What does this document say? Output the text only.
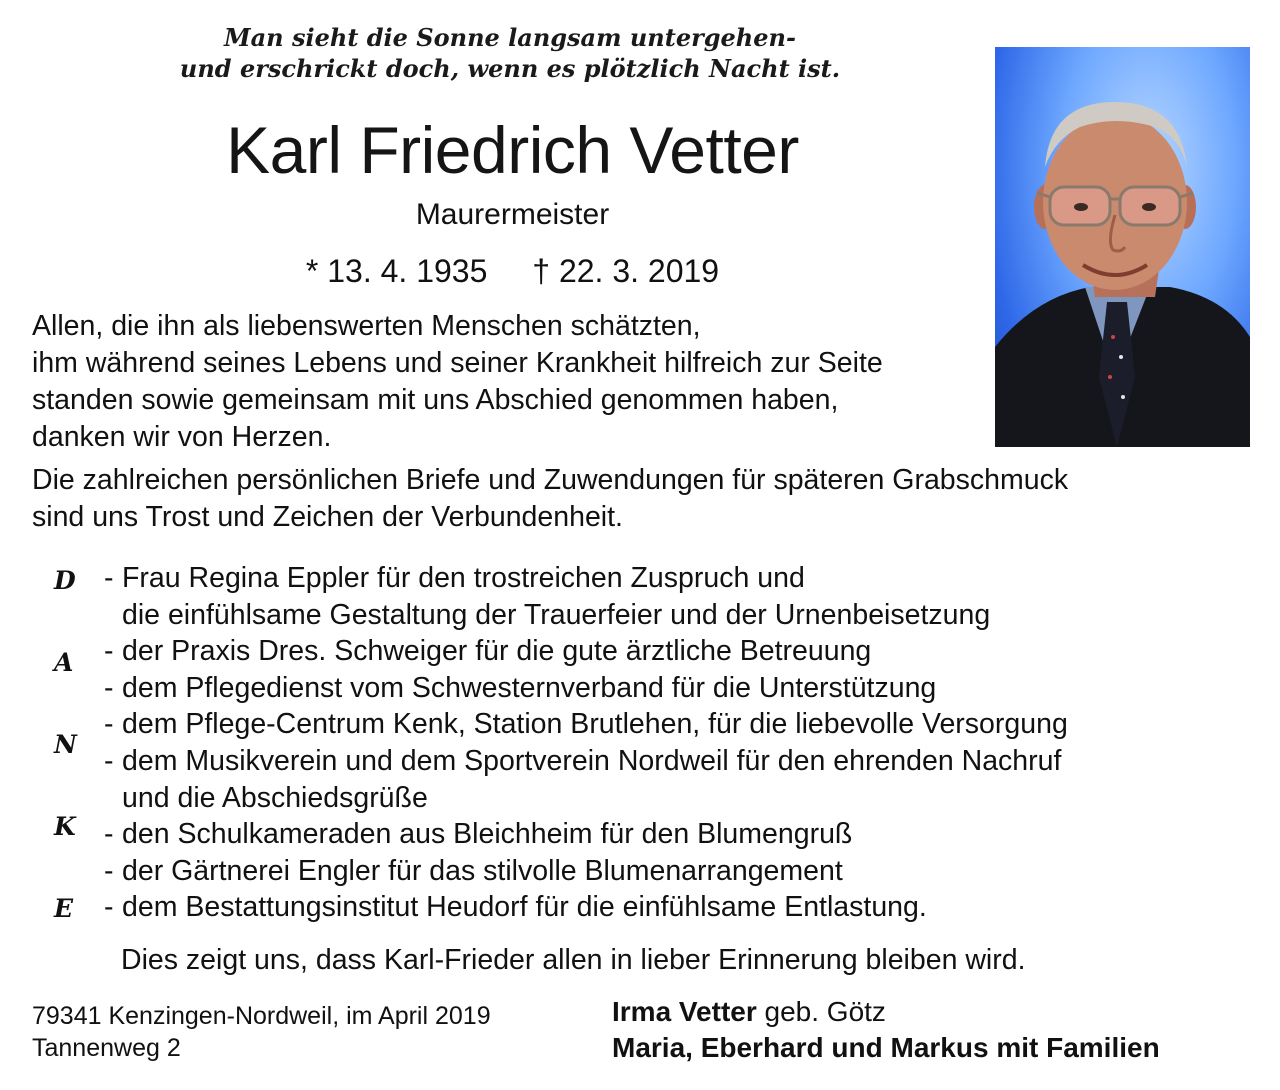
Man sieht die Sonne langsam untergehen-
und erschrickt doch, wenn es plötzlich Nacht ist.
Karl Friedrich Vetter
Maurermeister
* 13. 4. 1935 † 22. 3. 2019
Allen, die ihn als liebenswerten Menschen schätzten,
ihm während seines Lebens und seiner Krankheit hilfreich zur Seite
standen sowie gemeinsam mit uns Abschied genommen haben,
danken wir von Herzen.
Die zahlreichen persönlichen Briefe und Zuwendungen für späteren Grabschmuck
sind uns Trost und Zeichen der Verbundenheit.
D
A
N
K
E
- Frau Regina Eppler für den trostreichen Zuspruch und
die einfühlsame Gestaltung der Trauerfeier und der Urnenbeisetzung
- der Praxis Dres. Schweiger für die gute ärztliche Betreuung
- dem Pflegedienst vom Schwesternverband für die Unterstützung
- dem Pflege-Centrum Kenk, Station Brutlehen, für die liebevolle Versorgung
- dem Musikverein und dem Sportverein Nordweil für den ehrenden Nachruf
und die Abschiedsgrüße
- den Schulkameraden aus Bleichheim für den Blumengruß
- der Gärtnerei Engler für das stilvolle Blumenarrangement
- dem Bestattungsinstitut Heudorf für die einfühlsame Entlastung.
Dies zeigt uns, dass Karl-Frieder allen in lieber Erinnerung bleiben wird.
79341 Kenzingen-Nordweil, im April 2019
Tannenweg 2
Irma Vetter geb. Götz
Maria, Eberhard und Markus mit Familien
